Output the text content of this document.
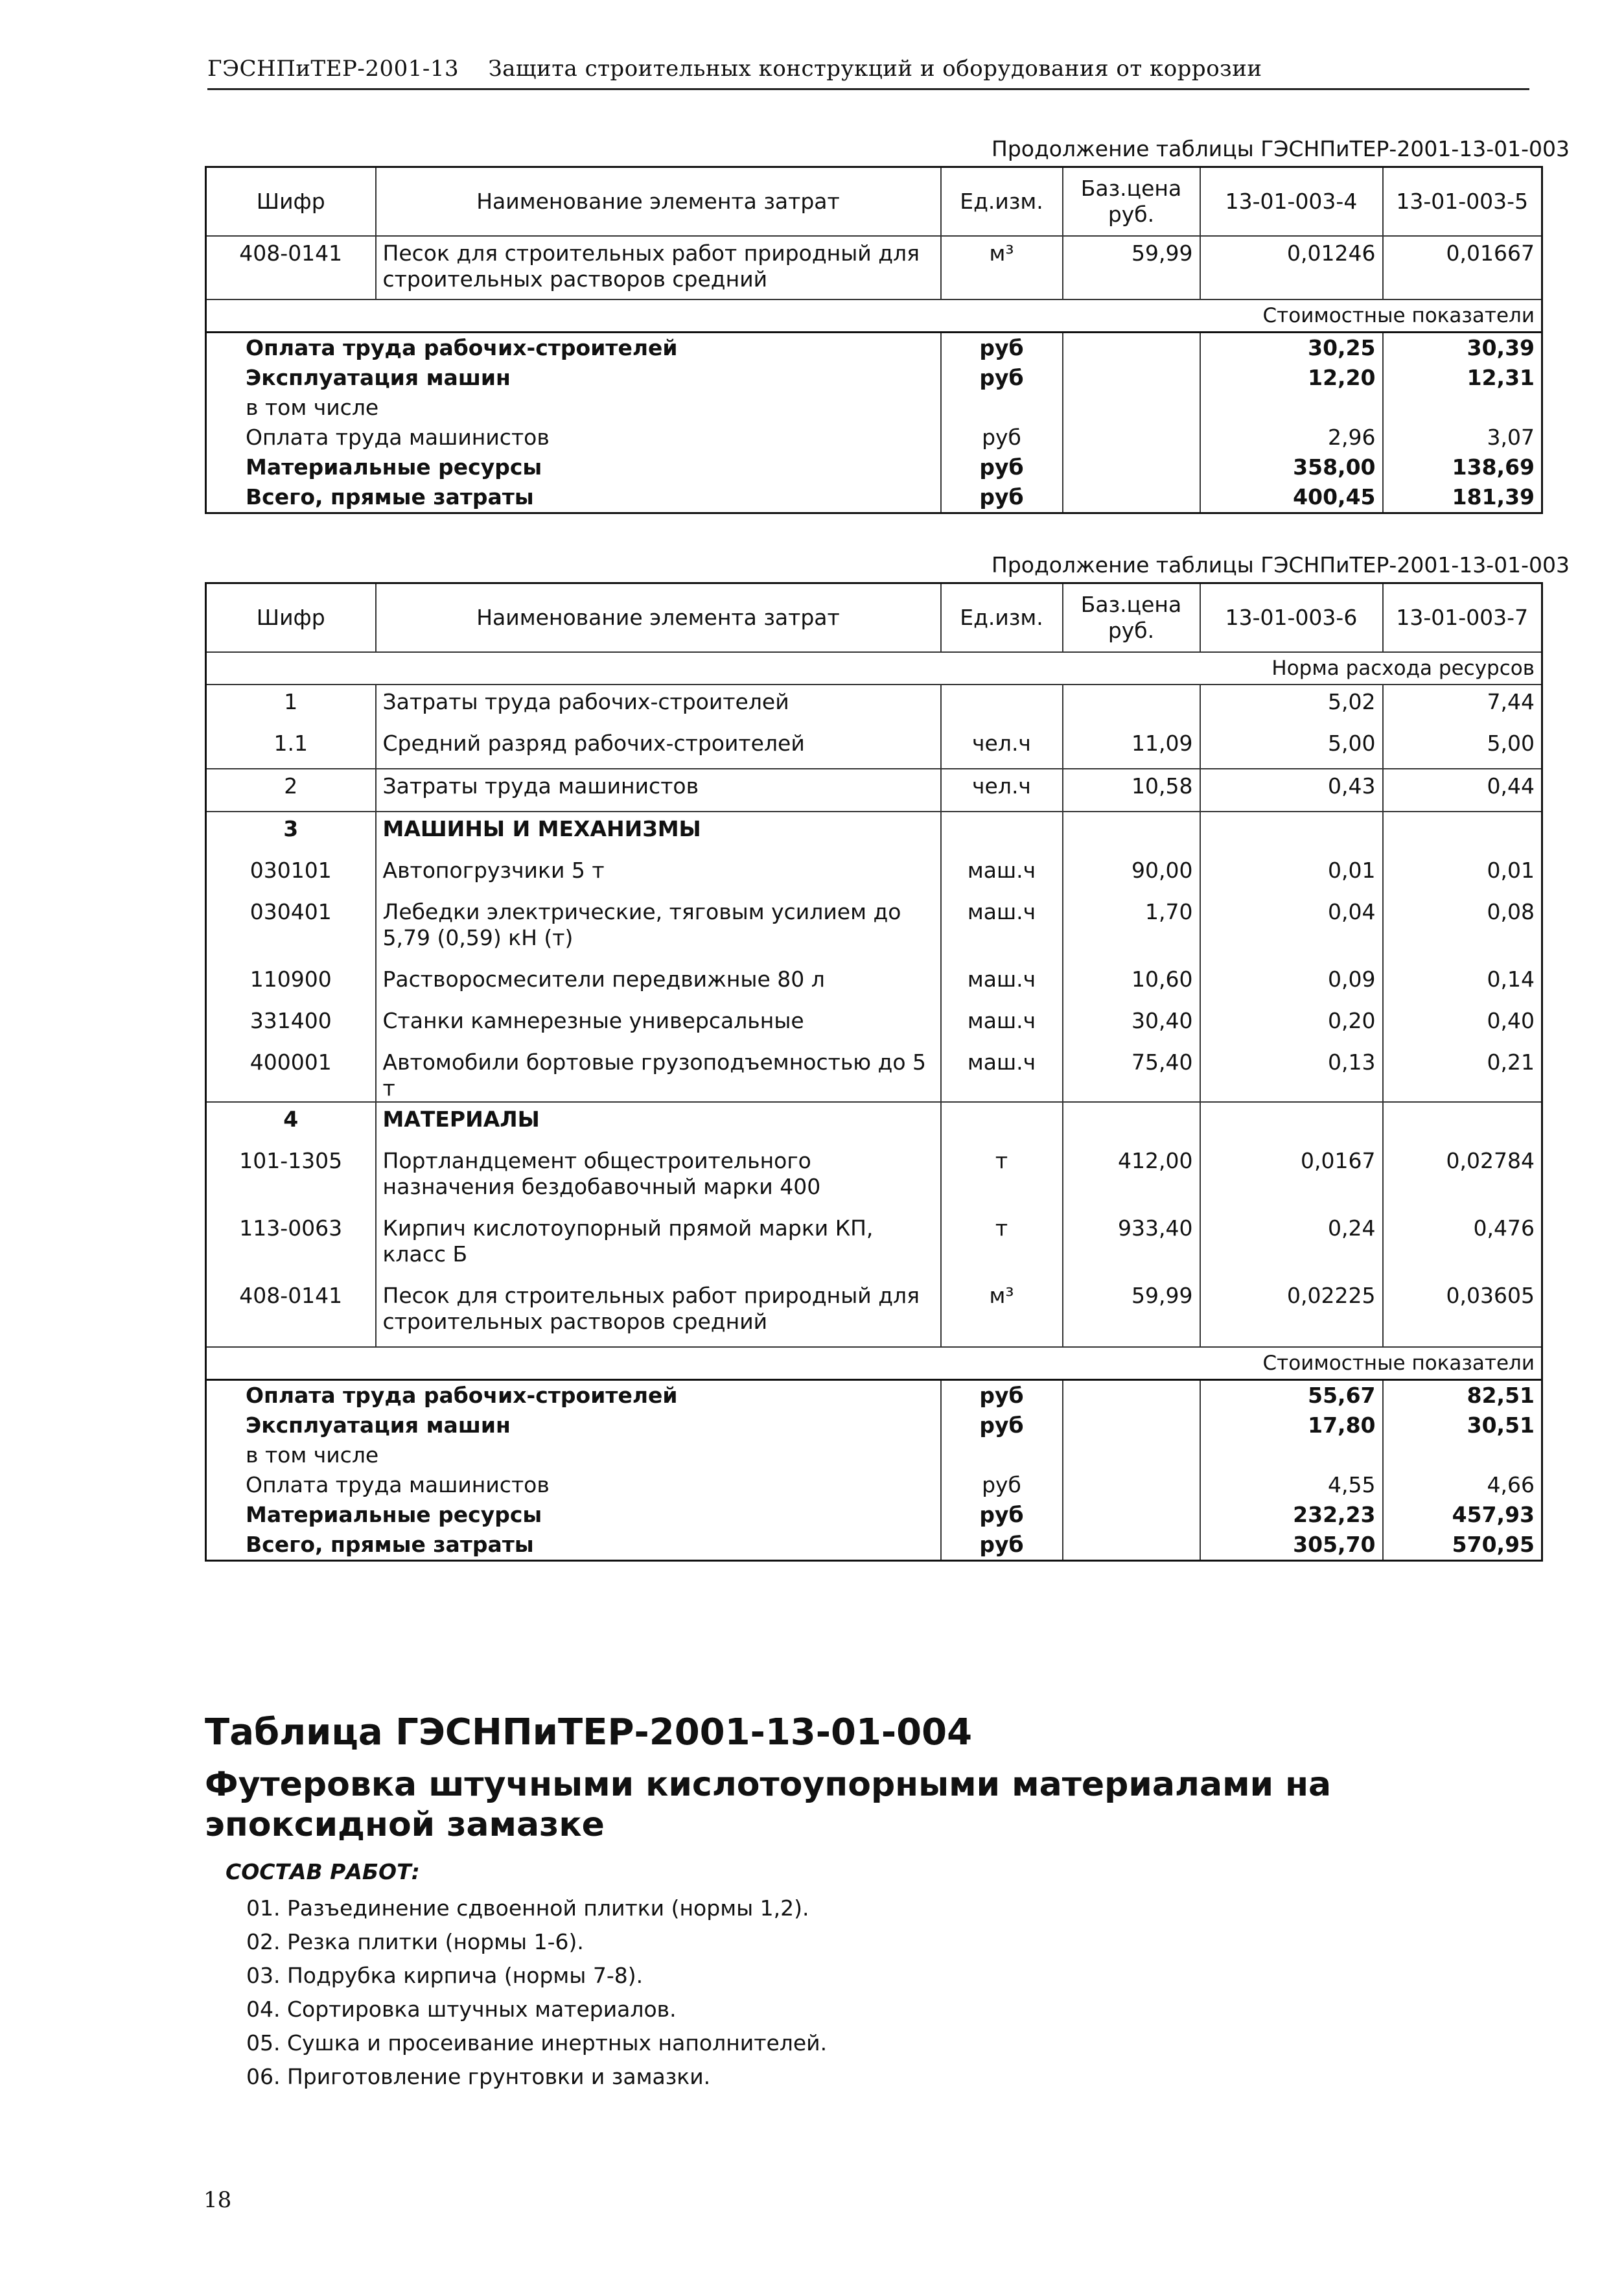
ГЭСНПиТЕР-2001-13 Защита строительных конструкций и оборудования от коррозии
Продолжение таблицы ГЭСНПиТЕР-2001-13-01-003
Шифр	Наименование элемента затрат	Ед.изм.	Баз.цена руб.	13-01-003-4	13-01-003-5
408-0141	Песок для строительных работ природный для строительных растворов средний	м³	59,99	0,01246	0,01667
				Стоимостные показатели	
Оплата труда рабочих-строителей		руб		30,25	30,39
Эксплуатация машин		руб		12,20	12,31
в том числе					
Оплата труда машинистов		руб		2,96	3,07
Материальные ресурсы		руб		358,00	138,69
Всего, прямые затраты		руб		400,45	181,39
Продолжение таблицы ГЭСНПиТЕР-2001-13-01-003
Шифр	Наименование элемента затрат	Ед.изм.	Баз.цена руб.	13-01-003-6	13-01-003-7
				Норма расхода ресурсов	
1	Затраты труда рабочих-строителей			5,02	7,44
1.1	Средний разряд рабочих-строителей	чел.ч	11,09	5,00	5,00
2	Затраты труда машинистов	чел.ч	10,58	0,43	0,44
3	МАШИНЫ И МЕХАНИЗМЫ				
030101	Автопогрузчики 5 т	маш.ч	90,00	0,01	0,01
030401	Лебедки электрические, тяговым усилием до 5,79 (0,59) кН (т)	маш.ч	1,70	0,04	0,08
110900	Растворосмесители передвижные 80 л	маш.ч	10,60	0,09	0,14
331400	Станки камнерезные универсальные	маш.ч	30,40	0,20	0,40
400001	Автомобили бортовые грузоподъемностью до 5 т	маш.ч	75,40	0,13	0,21
4	МАТЕРИАЛЫ				
101-1305	Портландцемент общестроительного назначения бездобавочный марки 400	т	412,00	0,0167	0,02784
113-0063	Кирпич кислотоупорный прямой марки КП, класс Б	т	933,40	0,24	0,476
408-0141	Песок для строительных работ природный для строительных растворов средний	м³	59,99	0,02225	0,03605
				Стоимостные показатели	
Оплата труда рабочих-строителей		руб		55,67	82,51
Эксплуатация машин		руб		17,80	30,51
в том числе					
Оплата труда машинистов		руб		4,55	4,66
Материальные ресурсы		руб		232,23	457,93
Всего, прямые затраты		руб		305,70	570,95
Таблица ГЭСНПиТЕР-2001-13-01-004
Футеровка штучными кислотоупорными материалами на эпоксидной замазке
СОСТАВ РАБОТ:
01. Разъединение сдвоенной плитки (нормы 1,2).
02. Резка плитки (нормы 1-6).
03. Подрубка кирпича (нормы 7-8).
04. Сортировка штучных материалов.
05. Сушка и просеивание инертных наполнителей.
06. Приготовление грунтовки и замазки.
18
